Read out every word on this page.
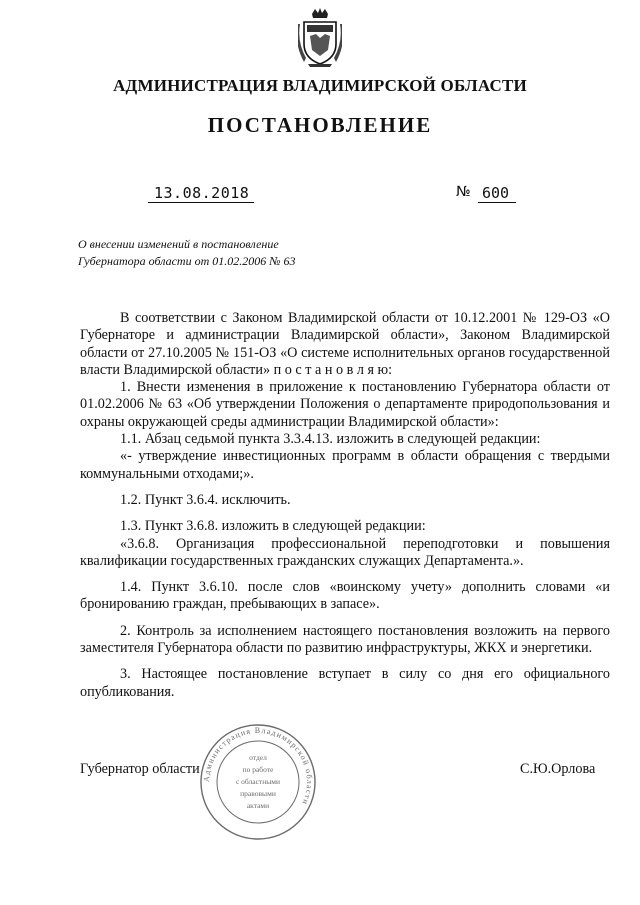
АДМИНИСТРАЦИЯ ВЛАДИМИРСКОЙ ОБЛАСТИ
ПОСТАНОВЛЕНИЕ
13.08.2018	№ 600
О внесении изменений в постановление
Губернатора области от 01.02.2006 № 63

В соответствии с Законом Владимирской области от 10.12.2001 № 129-ОЗ «О Губернаторе и администрации Владимирской области», Законом Владимирской области от 27.10.2005 № 151-ОЗ «О системе исполнительных органов государственной власти Владимирской области» п о с т а н о в л я ю:

1. Внести изменения в приложение к постановлению Губернатора области от 01.02.2006 № 63 «Об утверждении Положения о департаменте природопользования и охраны окружающей среды администрации Владимирской области»:

1.1. Абзац седьмой пункта 3.3.4.13. изложить в следующей редакции:

«- утверждение инвестиционных программ в области обращения с твердыми коммунальными отходами;».

1.2. Пункт 3.6.4. исключить.

1.3. Пункт 3.6.8. изложить в следующей редакции:

«3.6.8. Организация профессиональной переподготовки и повышения квалификации государственных гражданских служащих Департамента.».

1.4. Пункт 3.6.10. после слов «воинскому учету» дополнить словами «и бронированию граждан, пребывающих в запасе».

2. Контроль за исполнением настоящего постановления возложить на первого заместителя Губернатора области по развитию инфраструктуры, ЖКХ и энергетики.

3. Настоящее постановление вступает в силу со дня его официального опубликования.

Губернатор области	С.Ю.Орлова
Администрация Владимирской области
отдел
по работе
с областными
правовыми
актами
